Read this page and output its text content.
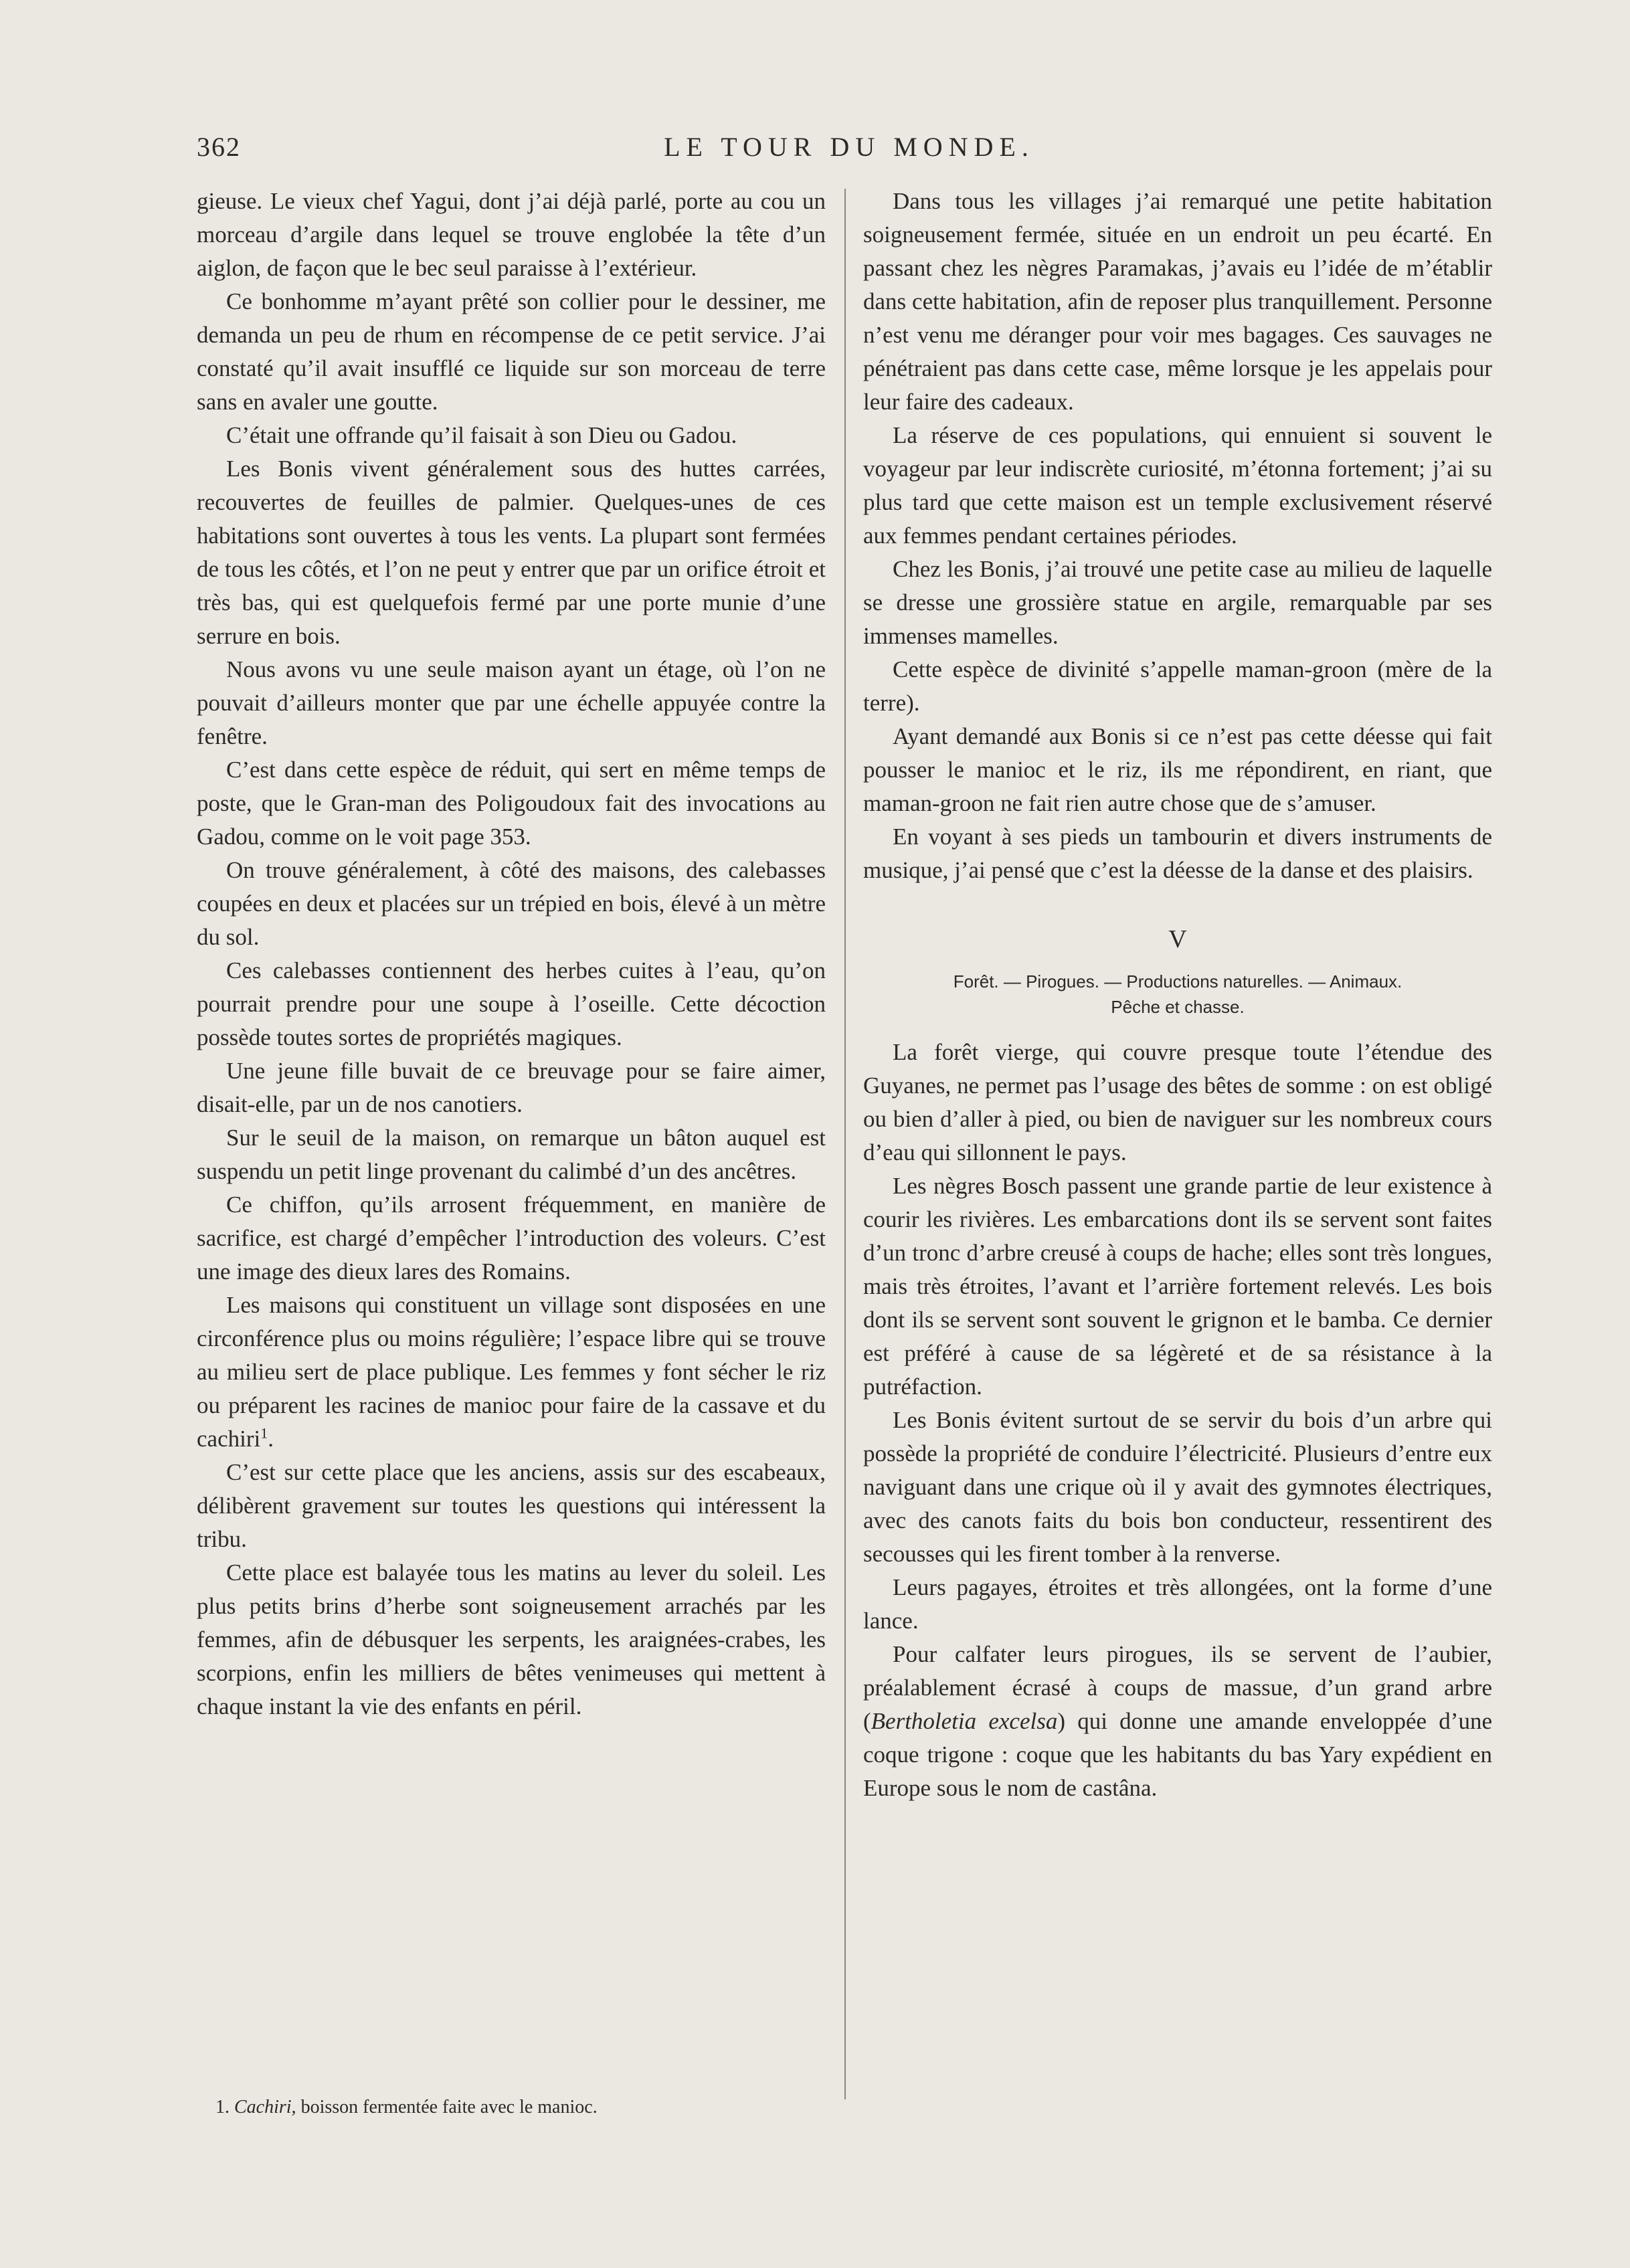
362	LE TOUR DU MONDE.

gieuse. Le vieux chef Yagui, dont j’ai déjà parlé, porte au cou un morceau d’argile dans lequel se trouve englobée la tête d’un aiglon, de façon que le bec seul paraisse à l’extérieur.

Ce bonhomme m’ayant prêté son collier pour le dessiner, me demanda un peu de rhum en récompense de ce petit service. J’ai constaté qu’il avait insufflé ce liquide sur son morceau de terre sans en avaler une goutte.

C’était une offrande qu’il faisait à son Dieu ou Gadou.

Les Bonis vivent généralement sous des huttes carrées, recouvertes de feuilles de palmier. Quelques-unes de ces habitations sont ouvertes à tous les vents. La plupart sont fermées de tous les côtés, et l’on ne peut y entrer que par un orifice étroit et très bas, qui est quelquefois fermé par une porte munie d’une serrure en bois.

Nous avons vu une seule maison ayant un étage, où l’on ne pouvait d’ailleurs monter que par une échelle appuyée contre la fenêtre.

C’est dans cette espèce de réduit, qui sert en même temps de poste, que le Gran-man des Poligoudoux fait des invocations au Gadou, comme on le voit page 353.

On trouve généralement, à côté des maisons, des calebasses coupées en deux et placées sur un trépied en bois, élevé à un mètre du sol.

Ces calebasses contiennent des herbes cuites à l’eau, qu’on pourrait prendre pour une soupe à l’oseille. Cette décoction possède toutes sortes de propriétés magiques.

Une jeune fille buvait de ce breuvage pour se faire aimer, disait-elle, par un de nos canotiers.

Sur le seuil de la maison, on remarque un bâton auquel est suspendu un petit linge provenant du calimbé d’un des ancêtres.

Ce chiffon, qu’ils arrosent fréquemment, en manière de sacrifice, est chargé d’empêcher l’introduction des voleurs. C’est une image des dieux lares des Romains.

Les maisons qui constituent un village sont disposées en une circonférence plus ou moins régulière; l’espace libre qui se trouve au milieu sert de place publique. Les femmes y font sécher le riz ou préparent les racines de manioc pour faire de la cassave et du cachiri$^1$.

C’est sur cette place que les anciens, assis sur des escabeaux, délibèrent gravement sur toutes les questions qui intéressent la tribu.

Cette place est balayée tous les matins au lever du soleil. Les plus petits brins d’herbe sont soigneusement arrachés par les femmes, afin de débusquer les serpents, les araignées-crabes, les scorpions, enfin les milliers de bêtes venimeuses qui mettent à chaque instant la vie des enfants en péril.

Dans tous les villages j’ai remarqué une petite habitation soigneusement fermée, située en un endroit un peu écarté. En passant chez les nègres Paramakas, j’avais eu l’idée de m’établir dans cette habitation, afin de reposer plus tranquillement. Personne n’est venu me déranger pour voir mes bagages. Ces sauvages ne pénétraient pas dans cette case, même lorsque je les appelais pour leur faire des cadeaux.

La réserve de ces populations, qui ennuient si souvent le voyageur par leur indiscrète curiosité, m’étonna fortement; j’ai su plus tard que cette maison est un temple exclusivement réservé aux femmes pendant certaines périodes.

Chez les Bonis, j’ai trouvé une petite case au milieu de laquelle se dresse une grossière statue en argile, remarquable par ses immenses mamelles.

Cette espèce de divinité s’appelle maman-groon (mère de la terre).

Ayant demandé aux Bonis si ce n’est pas cette déesse qui fait pousser le manioc et le riz, ils me répondirent, en riant, que maman-groon ne fait rien autre chose que de s’amuser.

En voyant à ses pieds un tambourin et divers instruments de musique, j’ai pensé que c’est la déesse de la danse et des plaisirs.

V
Forêt. — Pirogues. — Productions naturelles. — Animaux.
Pêche et chasse.

La forêt vierge, qui couvre presque toute l’étendue des Guyanes, ne permet pas l’usage des bêtes de somme : on est obligé ou bien d’aller à pied, ou bien de naviguer sur les nombreux cours d’eau qui sillonnent le pays.

Les nègres Bosch passent une grande partie de leur existence à courir les rivières. Les embarcations dont ils se servent sont faites d’un tronc d’arbre creusé à coups de hache; elles sont très longues, mais très étroites, l’avant et l’arrière fortement relevés. Les bois dont ils se servent sont souvent le grignon et le bamba. Ce dernier est préféré à cause de sa légèreté et de sa résistance à la putréfaction.

Les Bonis évitent surtout de se servir du bois d’un arbre qui possède la propriété de conduire l’électricité. Plusieurs d’entre eux naviguant dans une crique où il y avait des gymnotes électriques, avec des canots faits du bois bon conducteur, ressentirent des secousses qui les firent tomber à la renverse.

Leurs pagayes, étroites et très allongées, ont la forme d’une lance.

Pour calfater leurs pirogues, ils se servent de l’aubier, préalablement écrasé à coups de massue, d’un grand arbre (Bertholetia excelsa) qui donne une amande enveloppée d’une coque trigone : coque que les habitants du bas Yary expédient en Europe sous le nom de castâna.

1. Cachiri, boisson fermentée faite avec le manioc.
